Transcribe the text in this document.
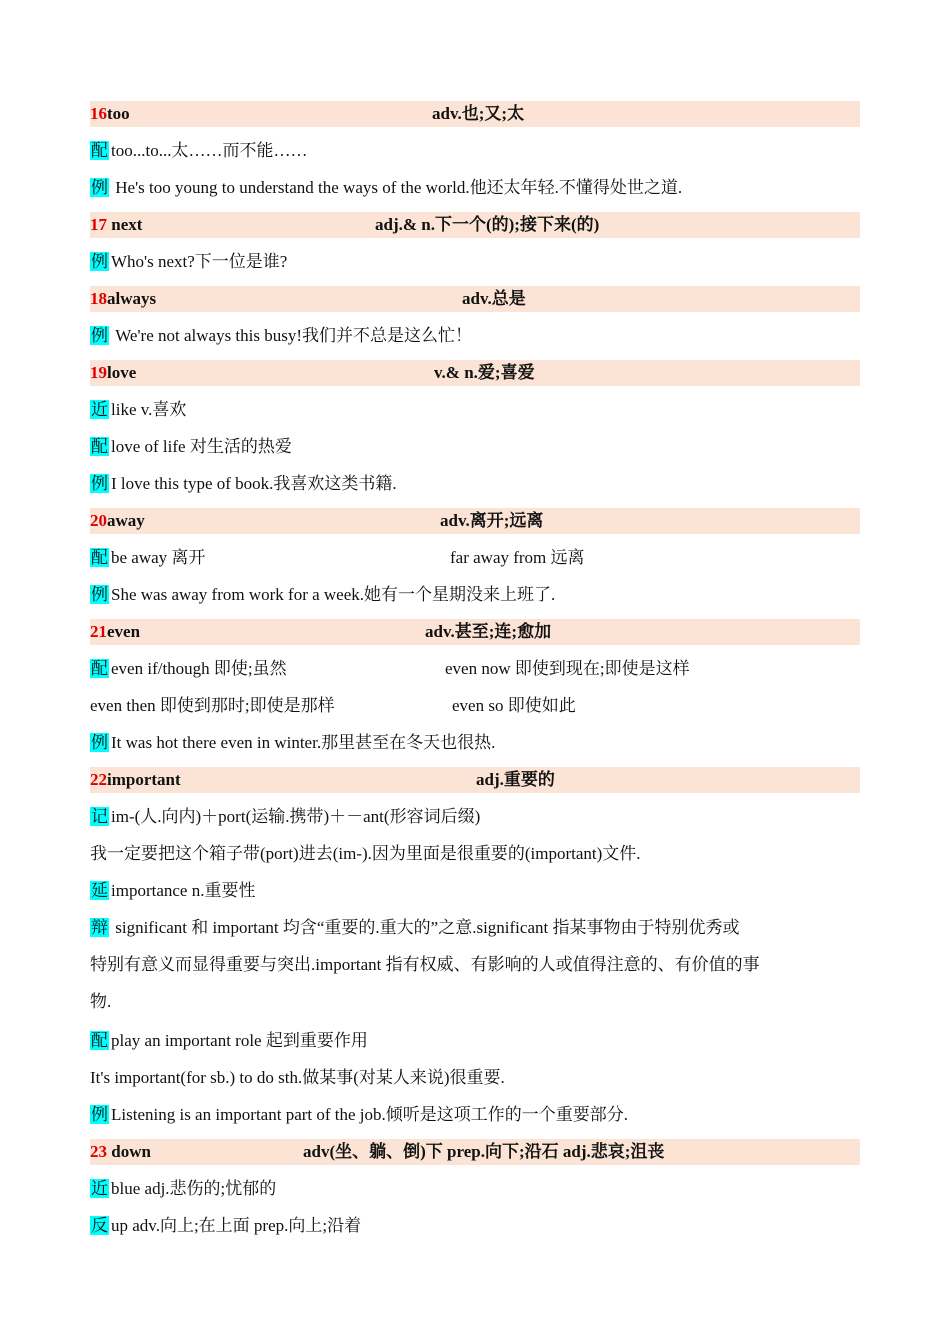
16too	adv.也;又;太
配 too...to...太……而不能……
例 He's too young to understand the ways of the world.他还太年轻.不懂得处世之道.
17 next	adj.& n.下一个(的);接下来(的)
例 Who's next?下一位是谁?
18always	adv.总是
例 We're not always this busy!我们并不总是这么忙！
19love	v.& n.爱;喜爱
近 like v.喜欢
配 love of life 对生活的热爱
例 I love this type of book.我喜欢这类书籍.
20away	adv.离开;远离
配 be away 离开	far away from 远离
例 She was away from work for a week.她有一个星期没来上班了.
21even	adv.甚至;连;愈加
配 even if/though 即使;虽然	even now 即使到现在;即使是这样
even then 即使到那时;即使是那样	even so 即使如此
例 It was hot there even in winter.那里甚至在冬天也很热.
22important	adj.重要的
记 im-(人.向内)＋port(运输.携带)＋－ant(形容词后缀)
我一定要把这个箱子带(port)进去(im-).因为里面是很重要的(important)文件.
延 importance n.重要性
辩 significant 和 important 均含“重要的.重大的”之意.significant 指某事物由于特别优秀或
特别有意义而显得重要与突出.important 指有权威、有影响的人或值得注意的、有价值的事
物.
配 play an important role 起到重要作用
It's important(for sb.) to do sth.做某事(对某人来说)很重要.
例 Listening is an important part of the job.倾听是这项工作的一个重要部分.
23 down	adv(坐、躺、倒)下 prep.向下;沿石 adj.悲哀;沮丧
近 blue adj.悲伤的;忧郁的
反 up adv.向上;在上面 prep.向上;沿着
